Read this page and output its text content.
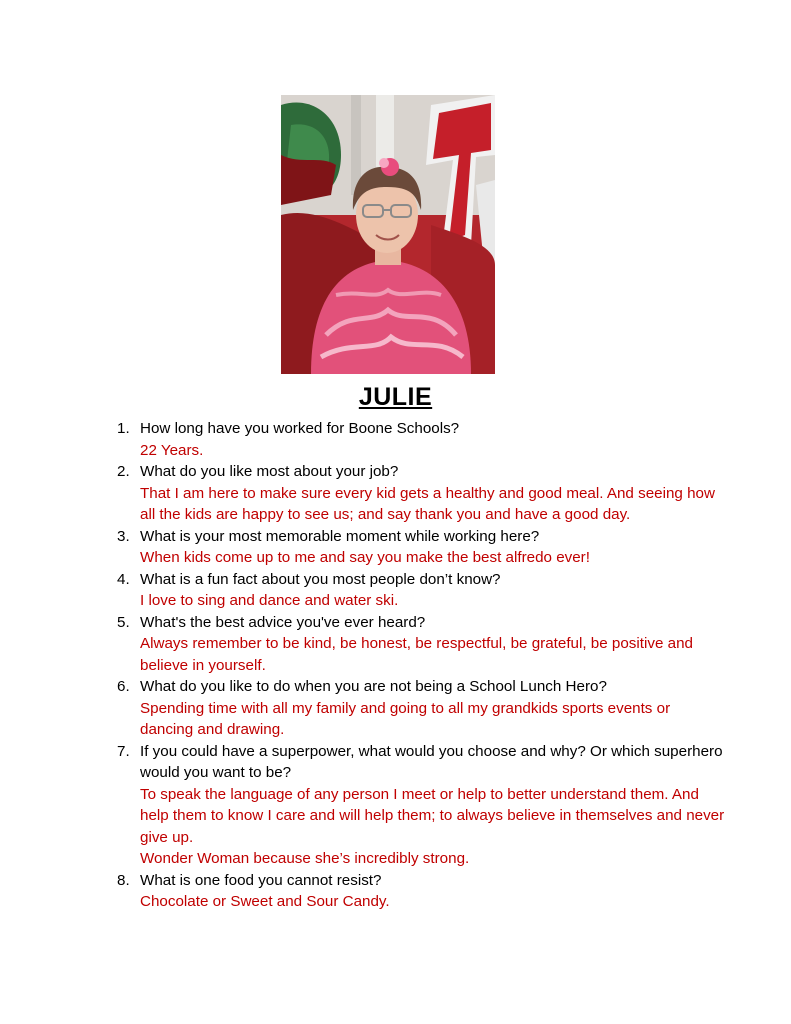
JULIE
1. How long have you worked for Boone Schools?
22 Years.
2. What do you like most about your job?
That I am here to make sure every kid gets a healthy and good meal. And seeing how all the kids are happy to see us; and say thank you and have a good day.
3. What is your most memorable moment while working here?
When kids come up to me and say you make the best alfredo ever!
4. What is a fun fact about you most people don’t know?
I love to sing and dance and water ski.
5. What's the best advice you've ever heard?
Always remember to be kind, be honest, be respectful, be grateful, be positive and believe in yourself.
6. What do you like to do when you are not being a School Lunch Hero?
Spending time with all my family and going to all my grandkids sports events or dancing and drawing.
7. If you could have a superpower, what would you choose and why? Or which superhero would you want to be?
To speak the language of any person I meet or help to better understand them. And help them to know I care and will help them; to always believe in themselves and never give up.
Wonder Woman because she’s incredibly strong.
8. What is one food you cannot resist?
Chocolate or Sweet and Sour Candy.
